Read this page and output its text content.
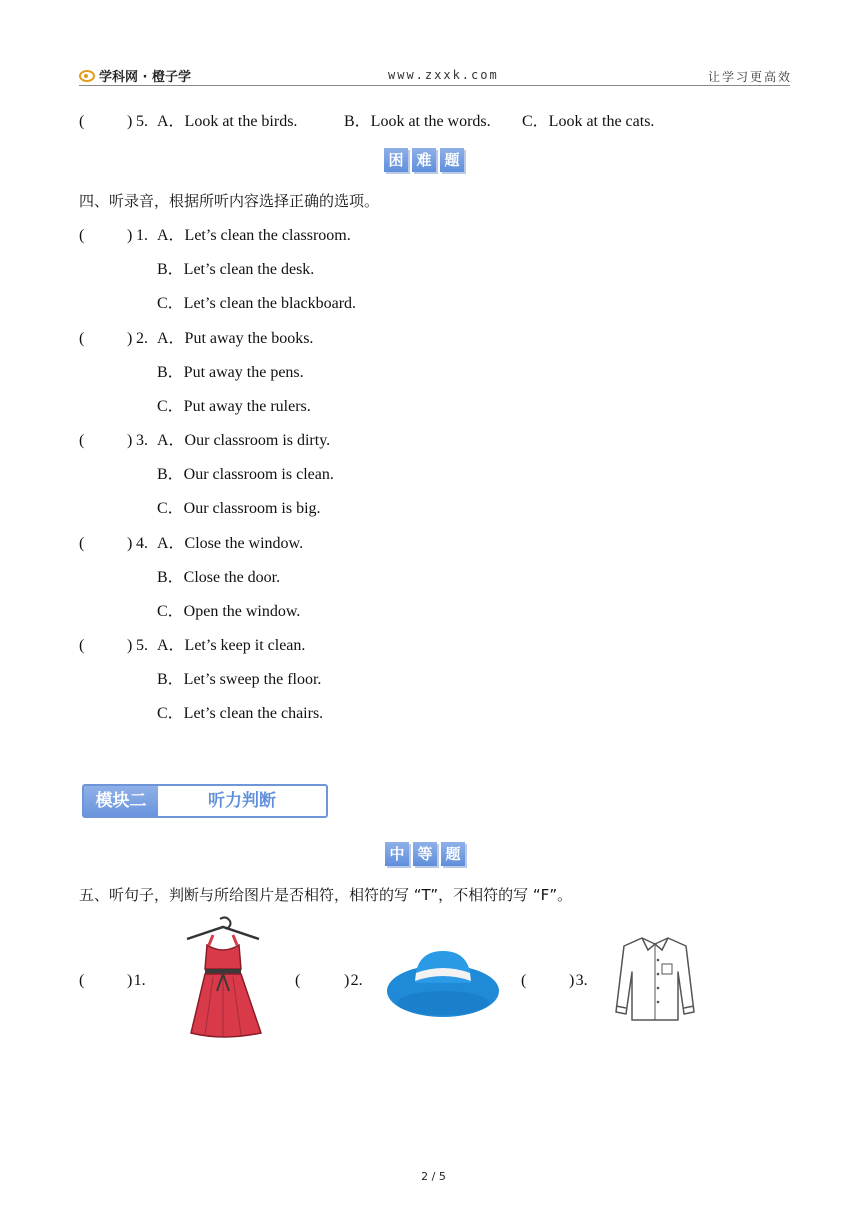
学科网 · 橙子学	www.zxxk.com	让学习更高效
(	) 5. A．Look at the birds.	B．Look at the words. C．Look at the cats.
困 难 题
四、听录音，根据所听内容选择正确的选项。
(	) 1. A．Let’s clean the classroom.
B．Let’s clean the desk.
C．Let’s clean the blackboard.
(	) 2. A．Put away the books.
B．Put away the pens.
C．Put away the rulers.
(	) 3. A．Our classroom is dirty.
B．Our classroom is clean.
C．Our classroom is big.
(	) 4. A．Close the window.
B．Close the door.
C．Open the window.
(	) 5. A．Let’s keep it clean.
B．Let’s sweep the floor.
C．Let’s clean the chairs.
模块二	听力判断
中 等 题
五、听句子，判断与所给图片是否相符，相符的写 “T”，不相符的写 “F”。
(	) 1.	(	) 2.	(	) 3.
2 / 5
